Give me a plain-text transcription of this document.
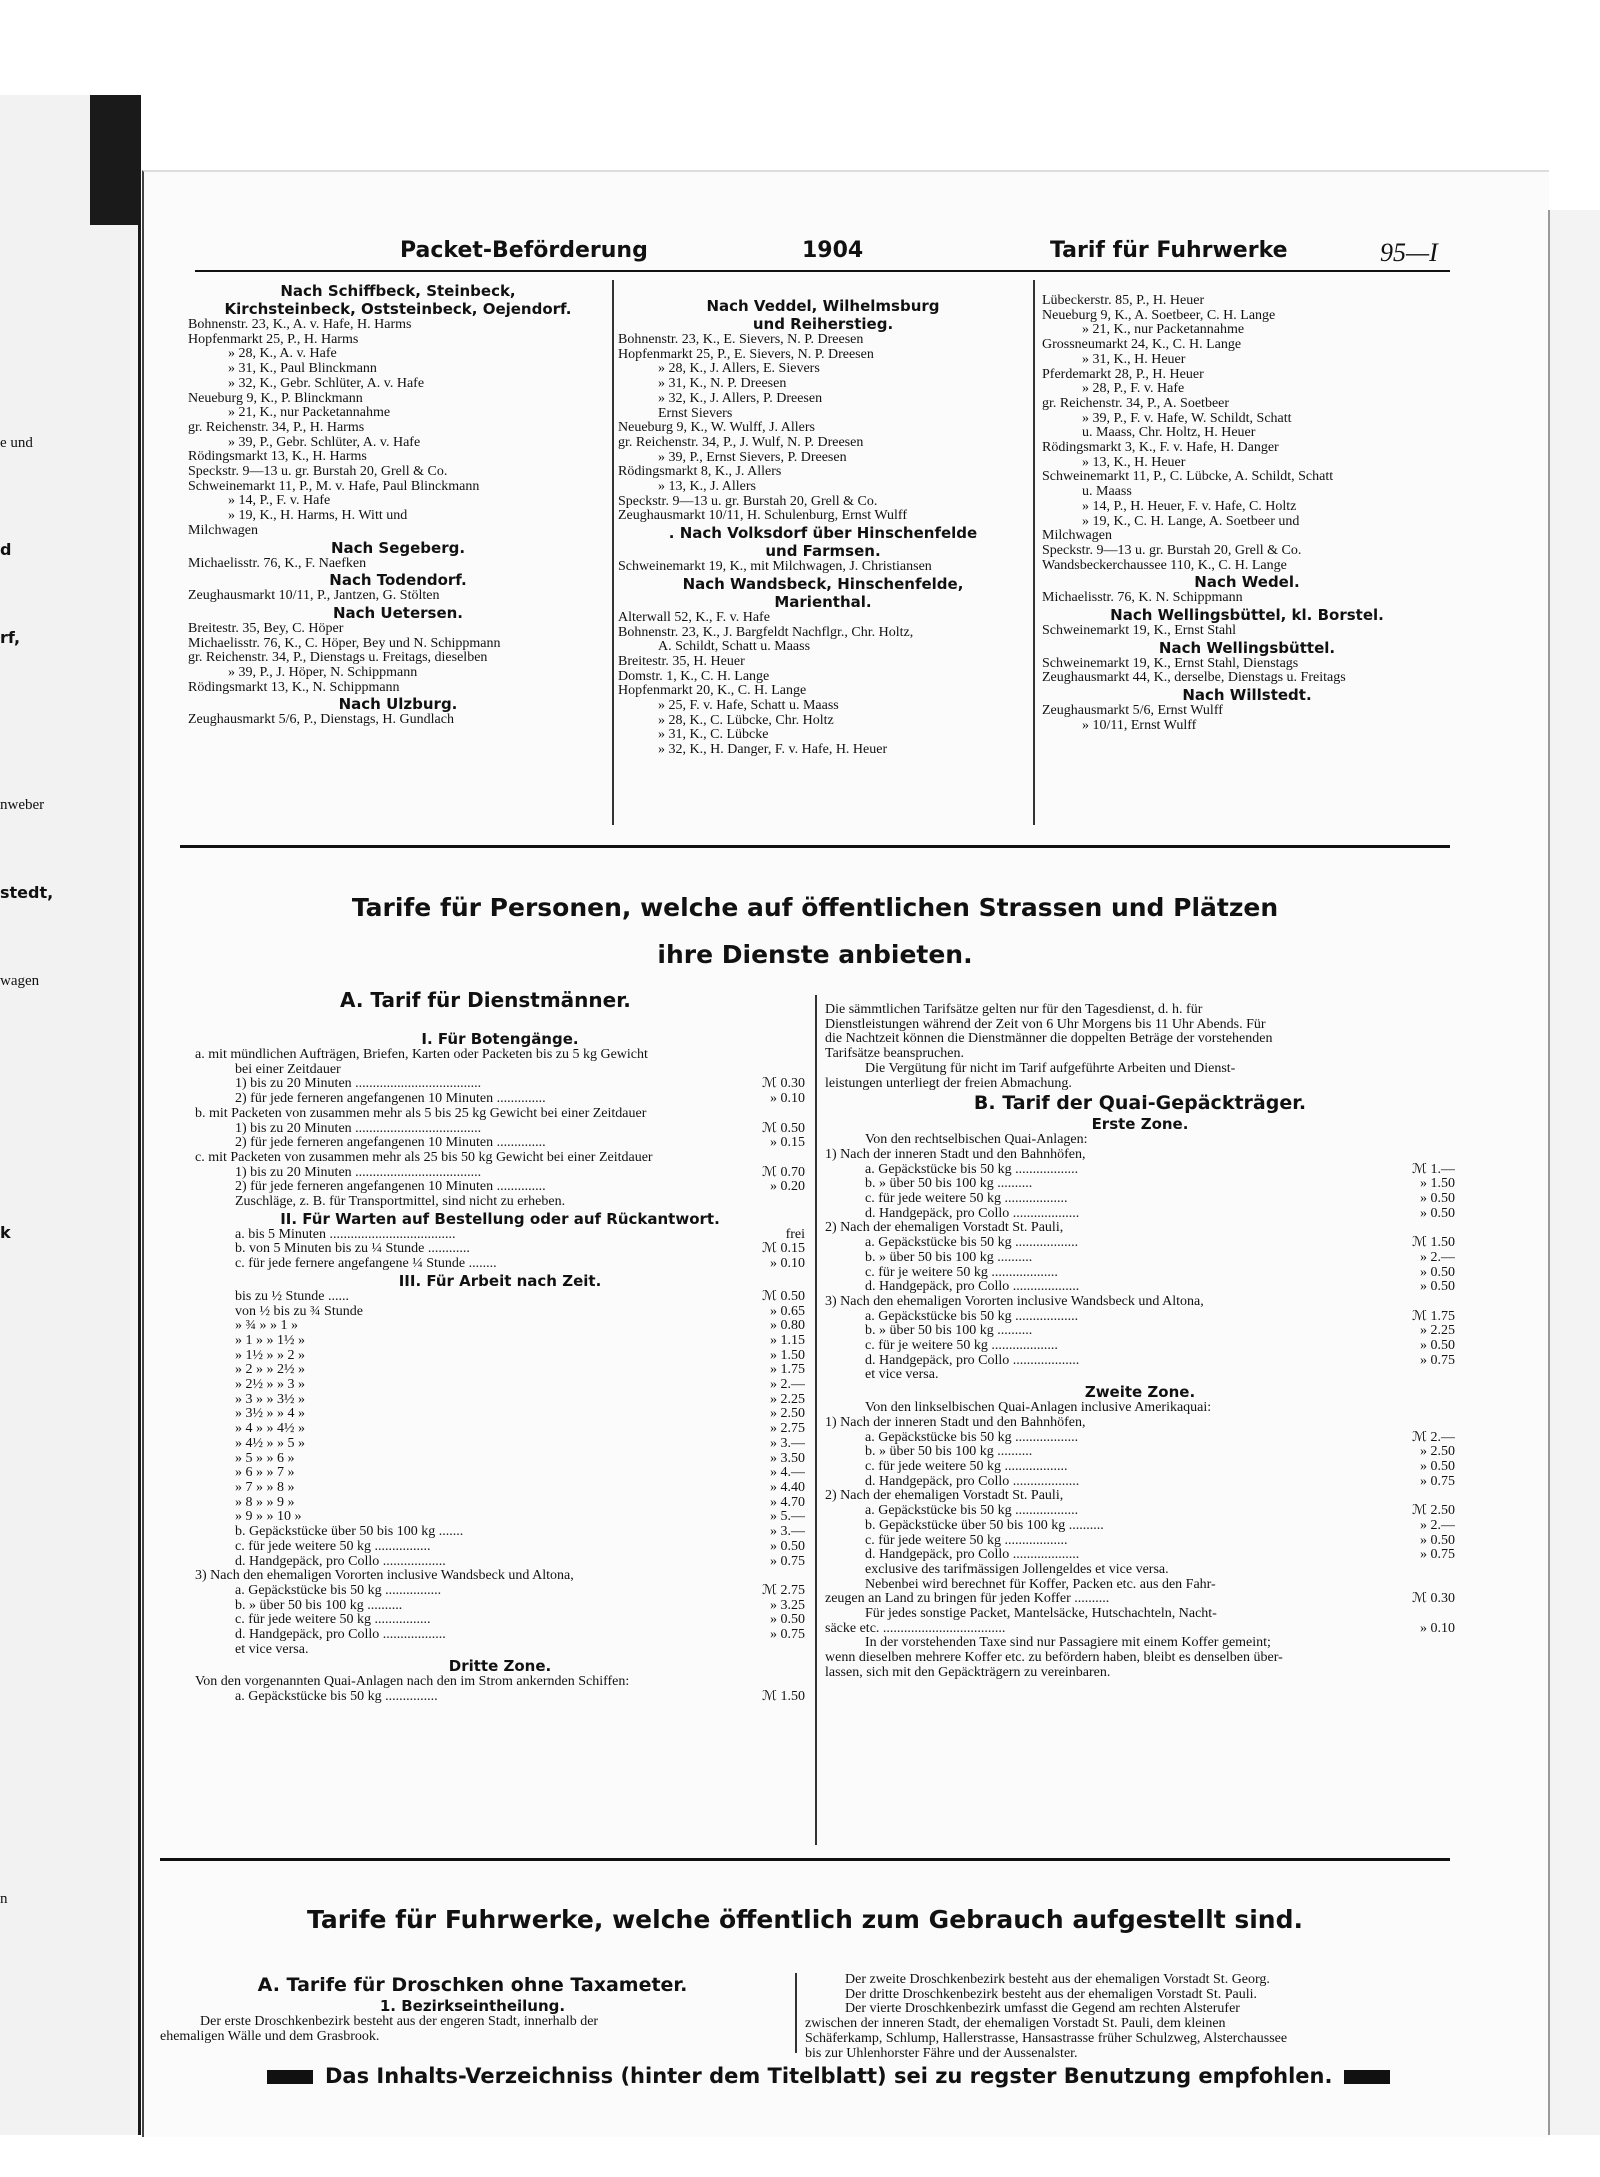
e und
d
rf,
nweber
stedt,
wagen
k
n
Packet-Beförderung	1904	Tarif für Fuhrwerke	95—I
Nach Schiffbeck, Steinbeck,
Kirchsteinbeck, Oststeinbeck, Oejendorf.
Bohnenstr. 23, K., A. v. Hafe, H. Harms
Hopfenmarkt 25, P., H. Harms
» 28, K., A. v. Hafe
» 31, K., Paul Blinckmann
» 32, K., Gebr. Schlüter, A. v. Hafe
Neueburg 9, K., P. Blinckmann
» 21, K., nur Packetannahme
gr. Reichenstr. 34, P., H. Harms
» 39, P., Gebr. Schlüter, A. v. Hafe
Rödingsmarkt 13, K., H. Harms
Speckstr. 9—13 u. gr. Burstah 20, Grell & Co.
Schweinemarkt 11, P., M. v. Hafe, Paul Blinckmann
» 14, P., F. v. Hafe
» 19, K., H. Harms, H. Witt und
Milchwagen
Nach Segeberg.
Michaelisstr. 76, K., F. Naefken
Nach Todendorf.
Zeughausmarkt 10/11, P., Jantzen, G. Stölten
Nach Uetersen.
Breitestr. 35, Bey, C. Höper
Michaelisstr. 76, K., C. Höper, Bey und N. Schippmann
gr. Reichenstr. 34, P., Dienstags u. Freitags, dieselben
» 39, P., J. Höper, N. Schippmann
Rödingsmarkt 13, K., N. Schippmann
Nach Ulzburg.
Zeughausmarkt 5/6, P., Dienstags, H. Gundlach
Nach Veddel, Wilhelmsburg
und Reiherstieg.
Bohnenstr. 23, K., E. Sievers, N. P. Dreesen
Hopfenmarkt 25, P., E. Sievers, N. P. Dreesen
» 28, K., J. Allers, E. Sievers
» 31, K., N. P. Dreesen
» 32, K., J. Allers, P. Dreesen
Ernst Sievers
Neueburg 9, K., W. Wulff, J. Allers
gr. Reichenstr. 34, P., J. Wulf, N. P. Dreesen
» 39, P., Ernst Sievers, P. Dreesen
Rödingsmarkt 8, K., J. Allers
» 13, K., J. Allers
Speckstr. 9—13 u. gr. Burstah 20, Grell & Co.
Zeughausmarkt 10/11, H. Schulenburg, Ernst Wulff
. Nach Volksdorf über Hinschenfelde
und Farmsen.
Schweinemarkt 19, K., mit Milchwagen, J. Christiansen
Nach Wandsbeck, Hinschenfelde,
Marienthal.
Alterwall 52, K., F. v. Hafe
Bohnenstr. 23, K., J. Bargfeldt Nachflgr., Chr. Holtz,
A. Schildt, Schatt u. Maass
Breitestr. 35, H. Heuer
Domstr. 1, K., C. H. Lange
Hopfenmarkt 20, K., C. H. Lange
» 25, F. v. Hafe, Schatt u. Maass
» 28, K., C. Lübcke, Chr. Holtz
» 31, K., C. Lübcke
» 32, K., H. Danger, F. v. Hafe, H. Heuer
Lübeckerstr. 85, P., H. Heuer
Neueburg 9, K., A. Soetbeer, C. H. Lange
» 21, K., nur Packetannahme
Grossneumarkt 24, K., C. H. Lange
» 31, K., H. Heuer
Pferdemarkt 28, P., H. Heuer
» 28, P., F. v. Hafe
gr. Reichenstr. 34, P., A. Soetbeer
» 39, P., F. v. Hafe, W. Schildt, Schatt
u. Maass, Chr. Holtz, H. Heuer
Rödingsmarkt 3, K., F. v. Hafe, H. Danger
» 13, K., H. Heuer
Schweinemarkt 11, P., C. Lübcke, A. Schildt, Schatt
u. Maass
» 14, P., H. Heuer, F. v. Hafe, C. Holtz
» 19, K., C. H. Lange, A. Soetbeer und
Milchwagen
Speckstr. 9—13 u. gr. Burstah 20, Grell & Co.
Wandsbeckerchaussee 110, K., C. H. Lange
Nach Wedel.
Michaelisstr. 76, K. N. Schippmann
Nach Wellingsbüttel, kl. Borstel.
Schweinemarkt 19, K., Ernst Stahl
Nach Wellingsbüttel.
Schweinemarkt 19, K., Ernst Stahl, Dienstags
Zeughausmarkt 44, K., derselbe, Dienstags u. Freitags
Nach Willstedt.
Zeughausmarkt 5/6, Ernst Wulff
» 10/11, Ernst Wulff
Tarife für Personen, welche auf öffentlichen Strassen und Plätzen
ihre Dienste anbieten.
A. Tarif für Dienstmänner.
I. Für Botengänge.
a. mit mündlichen Aufträgen, Briefen, Karten oder Packeten bis zu 5 kg Gewicht
bei einer Zeitdauer
1) bis zu 20 Minuten ....................................	ℳ 0.30
2) für jede ferneren angefangenen 10 Minuten ..............	» 0.10
b. mit Packeten von zusammen mehr als 5 bis 25 kg Gewicht bei einer Zeitdauer
1) bis zu 20 Minuten ....................................	ℳ 0.50
2) für jede ferneren angefangenen 10 Minuten ..............	» 0.15
c. mit Packeten von zusammen mehr als 25 bis 50 kg Gewicht bei einer Zeitdauer
1) bis zu 20 Minuten ....................................	ℳ 0.70
2) für jede ferneren angefangenen 10 Minuten ..............	» 0.20
Zuschläge, z. B. für Transportmittel, sind nicht zu erheben.
II. Für Warten auf Bestellung oder auf Rückantwort.
a. bis 5 Minuten ....................................	frei
b. von 5 Minuten bis zu ¼ Stunde ............	ℳ 0.15
c. für jede fernere angefangene ¼ Stunde ........	» 0.10
III. Für Arbeit nach Zeit.
bis zu ½ Stunde ......	ℳ 0.50
von ½ bis zu ¾ Stunde	» 0.65
» ¾ » » 1 »	» 0.80
» 1 » » 1½ »	» 1.15
» 1½ » » 2 »	» 1.50
» 2 » » 2½ »	» 1.75
» 2½ » » 3 »	» 2.—
» 3 » » 3½ »	» 2.25
» 3½ » » 4 »	» 2.50
» 4 » » 4½ »	» 2.75
» 4½ » » 5 »	» 3.—
» 5 » » 6 »	» 3.50
» 6 » » 7 »	» 4.—
» 7 » » 8 »	» 4.40
» 8 » » 9 »	» 4.70
» 9 » » 10 »	» 5.—
b. Gepäckstücke über 50 bis 100 kg .......	» 3.—
c. für jede weitere 50 kg ................	» 0.50
d. Handgepäck, pro Collo ..................	» 0.75
3) Nach den ehemaligen Vororten inclusive Wandsbeck und Altona,
a. Gepäckstücke bis 50 kg ................	ℳ 2.75
b. » über 50 bis 100 kg ..........	» 3.25
c. für jede weitere 50 kg ................	» 0.50
d. Handgepäck, pro Collo ..................	» 0.75
et vice versa.
Dritte Zone.
Von den vorgenannten Quai-Anlagen nach den im Strom ankernden Schiffen:
a. Gepäckstücke bis 50 kg ...............	ℳ 1.50
Die sämmtlichen Tarifsätze gelten nur für den Tagesdienst, d. h. für
Dienstleistungen während der Zeit von 6 Uhr Morgens bis 11 Uhr Abends. Für
die Nachtzeit können die Dienstmänner die doppelten Beträge der vorstehenden
Tarifsätze beanspruchen.
Die Vergütung für nicht im Tarif aufgeführte Arbeiten und Dienst-
leistungen unterliegt der freien Abmachung.
B. Tarif der Quai-Gepäckträger.
Erste Zone.
Von den rechtselbischen Quai-Anlagen:
1) Nach der inneren Stadt und den Bahnhöfen,
a. Gepäckstücke bis 50 kg ..................	ℳ 1.—
b. » über 50 bis 100 kg ..........	» 1.50
c. für jede weitere 50 kg ..................	» 0.50
d. Handgepäck, pro Collo ...................	» 0.50
2) Nach der ehemaligen Vorstadt St. Pauli,
a. Gepäckstücke bis 50 kg ..................	ℳ 1.50
b. » über 50 bis 100 kg ..........	» 2.—
c. für je weitere 50 kg ...................	» 0.50
d. Handgepäck, pro Collo ...................	» 0.50
3) Nach den ehemaligen Vororten inclusive Wandsbeck und Altona,
a. Gepäckstücke bis 50 kg ..................	ℳ 1.75
b. » über 50 bis 100 kg ..........	» 2.25
c. für je weitere 50 kg ...................	» 0.50
d. Handgepäck, pro Collo ...................	» 0.75
et vice versa.
Zweite Zone.
Von den linkselbischen Quai-Anlagen inclusive Amerikaquai:
1) Nach der inneren Stadt und den Bahnhöfen,
a. Gepäckstücke bis 50 kg ..................	ℳ 2.—
b. » über 50 bis 100 kg ..........	» 2.50
c. für jede weitere 50 kg ..................	» 0.50
d. Handgepäck, pro Collo ...................	» 0.75
2) Nach der ehemaligen Vorstadt St. Pauli,
a. Gepäckstücke bis 50 kg ..................	ℳ 2.50
b. Gepäckstücke über 50 bis 100 kg ..........	» 2.—
c. für jede weitere 50 kg ..................	» 0.50
d. Handgepäck, pro Collo ...................	» 0.75
exclusive des tarifmässigen Jollengeldes et vice versa.
Nebenbei wird berechnet für Koffer, Packen etc. aus den Fahr-
zeugen an Land zu bringen für jeden Koffer ..........	ℳ 0.30
Für jedes sonstige Packet, Mantelsäcke, Hutschachteln, Nacht-
säcke etc. ...................................	» 0.10
In der vorstehenden Taxe sind nur Passagiere mit einem Koffer gemeint;
wenn dieselben mehrere Koffer etc. zu befördern haben, bleibt es denselben über-
lassen, sich mit den Gepäckträgern zu vereinbaren.
Tarife für Fuhrwerke, welche öffentlich zum Gebrauch aufgestellt sind.
A. Tarife für Droschken ohne Taxameter.
1. Bezirkseintheilung.
Der erste Droschkenbezirk besteht aus der engeren Stadt, innerhalb der
ehemaligen Wälle und dem Grasbrook.
Der zweite Droschkenbezirk besteht aus der ehemaligen Vorstadt St. Georg.
Der dritte Droschkenbezirk besteht aus der ehemaligen Vorstadt St. Pauli.
Der vierte Droschkenbezirk umfasst die Gegend am rechten Alsterufer
zwischen der inneren Stadt, der ehemaligen Vorstadt St. Pauli, dem kleinen
Schäferkamp, Schlump, Hallerstrasse, Hansastrasse früher Schulzweg, Alsterchaussee
bis zur Uhlenhorster Fähre und der Aussenalster.
Das Inhalts-Verzeichniss (hinter dem Titelblatt) sei zu regster Benutzung empfohlen.
